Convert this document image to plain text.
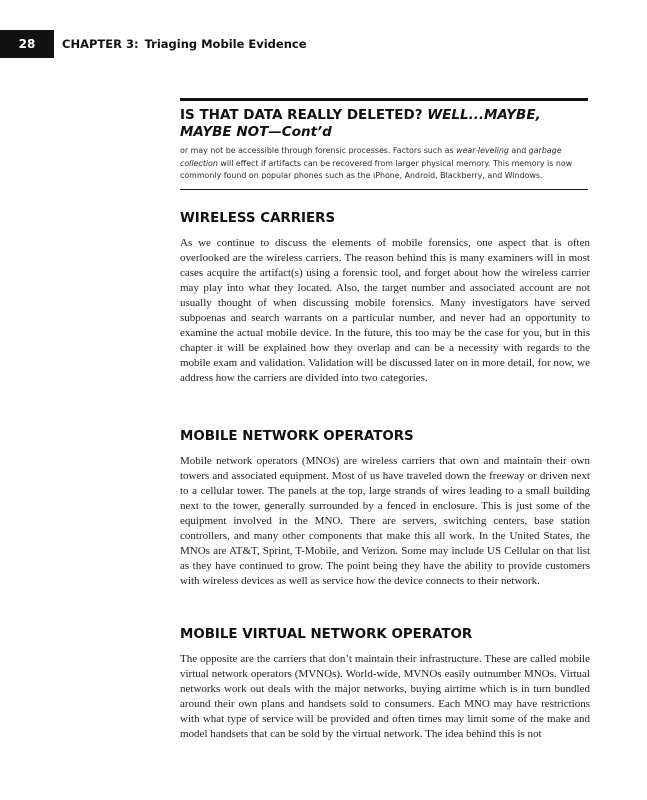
28	CHAPTER 3: Triaging Mobile Evidence
IS THAT DATA REALLY DELETED? WELL...MAYBE, MAYBE NOT—Cont’d

or may not be accessible through forensic processes. Factors such as wear-leveling and garbage collection will effect if artifacts can be recovered from larger physical memory. This memory is now commonly found on popular phones such as the iPhone, Android, Blackberry, and Windows.

WIRELESS CARRIERS

As we continue to discuss the elements of mobile forensics, one aspect that is often overlooked are the wireless carriers. The reason behind this is many examiners will in most cases acquire the artifact(s) using a forensic tool, and forget about how the wireless carrier may play into what they located. Also, the target number and associated account are not usually thought of when discussing mobile forensics. Many investigators have served subpoenas and search warrants on a particular number, and never had an opportunity to examine the actual mobile device. In the future, this too may be the case for you, but in this chapter it will be explained how they overlap and can be a necessity with regards to the mobile exam and validation. Validation will be discussed later on in more detail, for now, we address how the carriers are divided into two categories.

MOBILE NETWORK OPERATORS

Mobile network operators (MNOs) are wireless carriers that own and maintain their own towers and associated equipment. Most of us have traveled down the freeway or driven next to a cellular tower. The panels at the top, large strands of wires leading to a small building next to the tower, generally surrounded by a fenced in enclosure. This is just some of the equipment involved in the MNO. There are servers, switching centers, base station controllers, and many other components that make this all work. In the United States, the MNOs are AT&T, Sprint, T-Mobile, and Verizon. Some may include US Cellular on that list as they have continued to grow. The point being they have the ability to provide customers with wireless devices as well as service how the device connects to their network.

MOBILE VIRTUAL NETWORK OPERATOR

The opposite are the carriers that don’t maintain their infrastructure. These are called mobile virtual network operators (MVNOs). World-wide, MVNOs easily outnumber MNOs. Virtual networks work out deals with the major networks, buying airtime which is in turn bundled around their own plans and handsets sold to consumers. Each MNO may have restrictions with what type of service will be provided and often times may limit some of the make and model handsets that can be sold by the virtual network. The idea behind this is not
